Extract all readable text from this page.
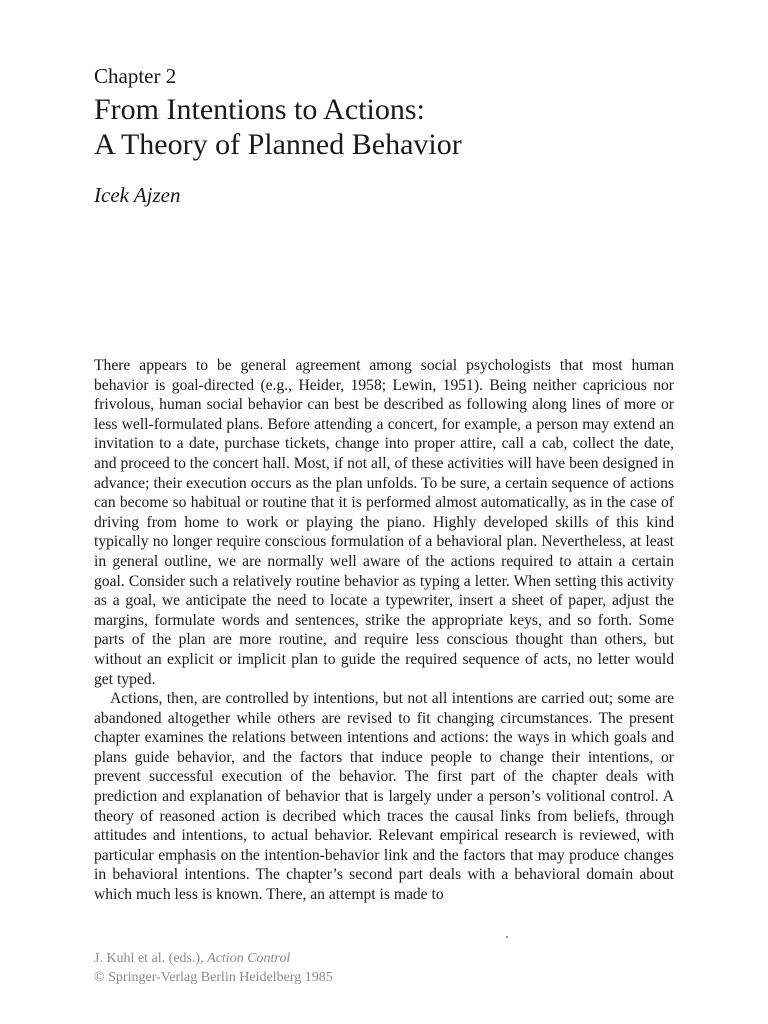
Chapter 2
From Intentions to Actions:
A Theory of Planned Behavior
Icek Ajzen

There appears to be general agreement among social psychologists that most human behavior is goal-directed (e.g., Heider, 1958; Lewin, 1951). Being neither capricious nor frivolous, human social behavior can best be described as following along lines of more or less well-formulated plans. Before attending a concert, for example, a person may extend an invitation to a date, purchase tickets, change into proper attire, call a cab, collect the date, and proceed to the concert hall. Most, if not all, of these activities will have been designed in advance; their execution occurs as the plan unfolds. To be sure, a certain sequence of actions can become so habitual or routine that it is performed almost automatically, as in the case of driving from home to work or playing the piano. Highly developed skills of this kind typically no longer require conscious formulation of a behavioral plan. Nevertheless, at least in general outline, we are normally well aware of the actions required to attain a certain goal. Consider such a relatively routine behavior as typing a letter. When setting this activity as a goal, we anticipate the need to locate a typewriter, insert a sheet of paper, adjust the margins, formulate words and sentences, strike the appropriate keys, and so forth. Some parts of the plan are more routine, and require less conscious thought than others, but without an explicit or implicit plan to guide the required sequence of acts, no letter would get typed.

Actions, then, are controlled by intentions, but not all intentions are carried out; some are abandoned altogether while others are revised to fit changing circumstances. The present chapter examines the relations between intentions and actions: the ways in which goals and plans guide behavior, and the factors that induce people to change their intentions, or prevent successful execution of the behavior. The first part of the chapter deals with prediction and explanation of behavior that is largely under a person’s volitional control. A theory of reasoned action is decribed which traces the causal links from beliefs, through attitudes and intentions, to actual behavior. Relevant empirical research is reviewed, with particular emphasis on the intention-behavior link and the factors that may produce changes in behavioral intentions. The chapter’s second part deals with a behavioral domain about which much less is known. There, an attempt is made to

J. Kuhl et al. (eds.), Action Control
© Springer-Verlag Berlin Heidelberg 1985
